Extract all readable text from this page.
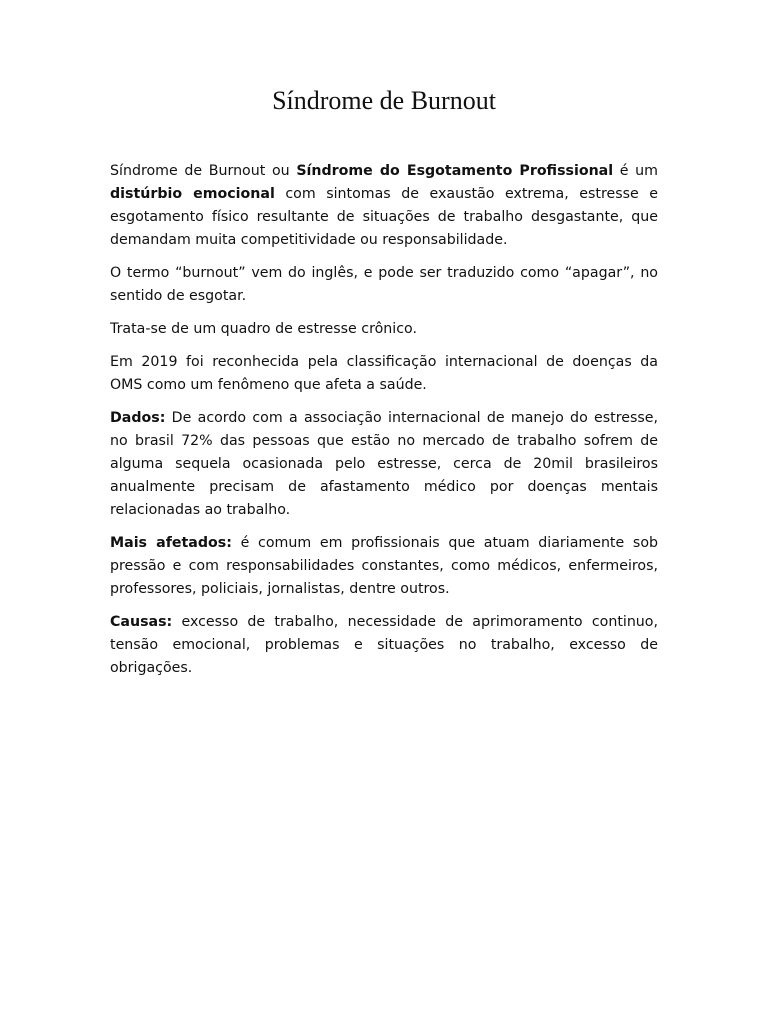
Síndrome de Burnout

Síndrome de Burnout ou Síndrome do Esgotamento Profissional é um distúrbio emocional com sintomas de exaustão extrema, estresse e esgotamento físico resultante de situações de trabalho desgastante, que demandam muita competitividade ou responsabilidade.

O termo “burnout” vem do inglês, e pode ser traduzido como “apagar”, no sentido de esgotar.

Trata-se de um quadro de estresse crônico.

Em 2019 foi reconhecida pela classificação internacional de doenças da OMS como um fenômeno que afeta a saúde.

Dados: De acordo com a associação internacional de manejo do estresse, no brasil 72% das pessoas que estão no mercado de trabalho sofrem de alguma sequela ocasionada pelo estresse, cerca de 20mil brasileiros anualmente precisam de afastamento médico por doenças mentais relacionadas ao trabalho.

Mais afetados: é comum em profissionais que atuam diariamente sob pressão e com responsabilidades constantes, como médicos, enfermeiros, professores, policiais, jornalistas, dentre outros.

Causas: excesso de trabalho, necessidade de aprimoramento continuo, tensão emocional, problemas e situações no trabalho, excesso de obrigações.
